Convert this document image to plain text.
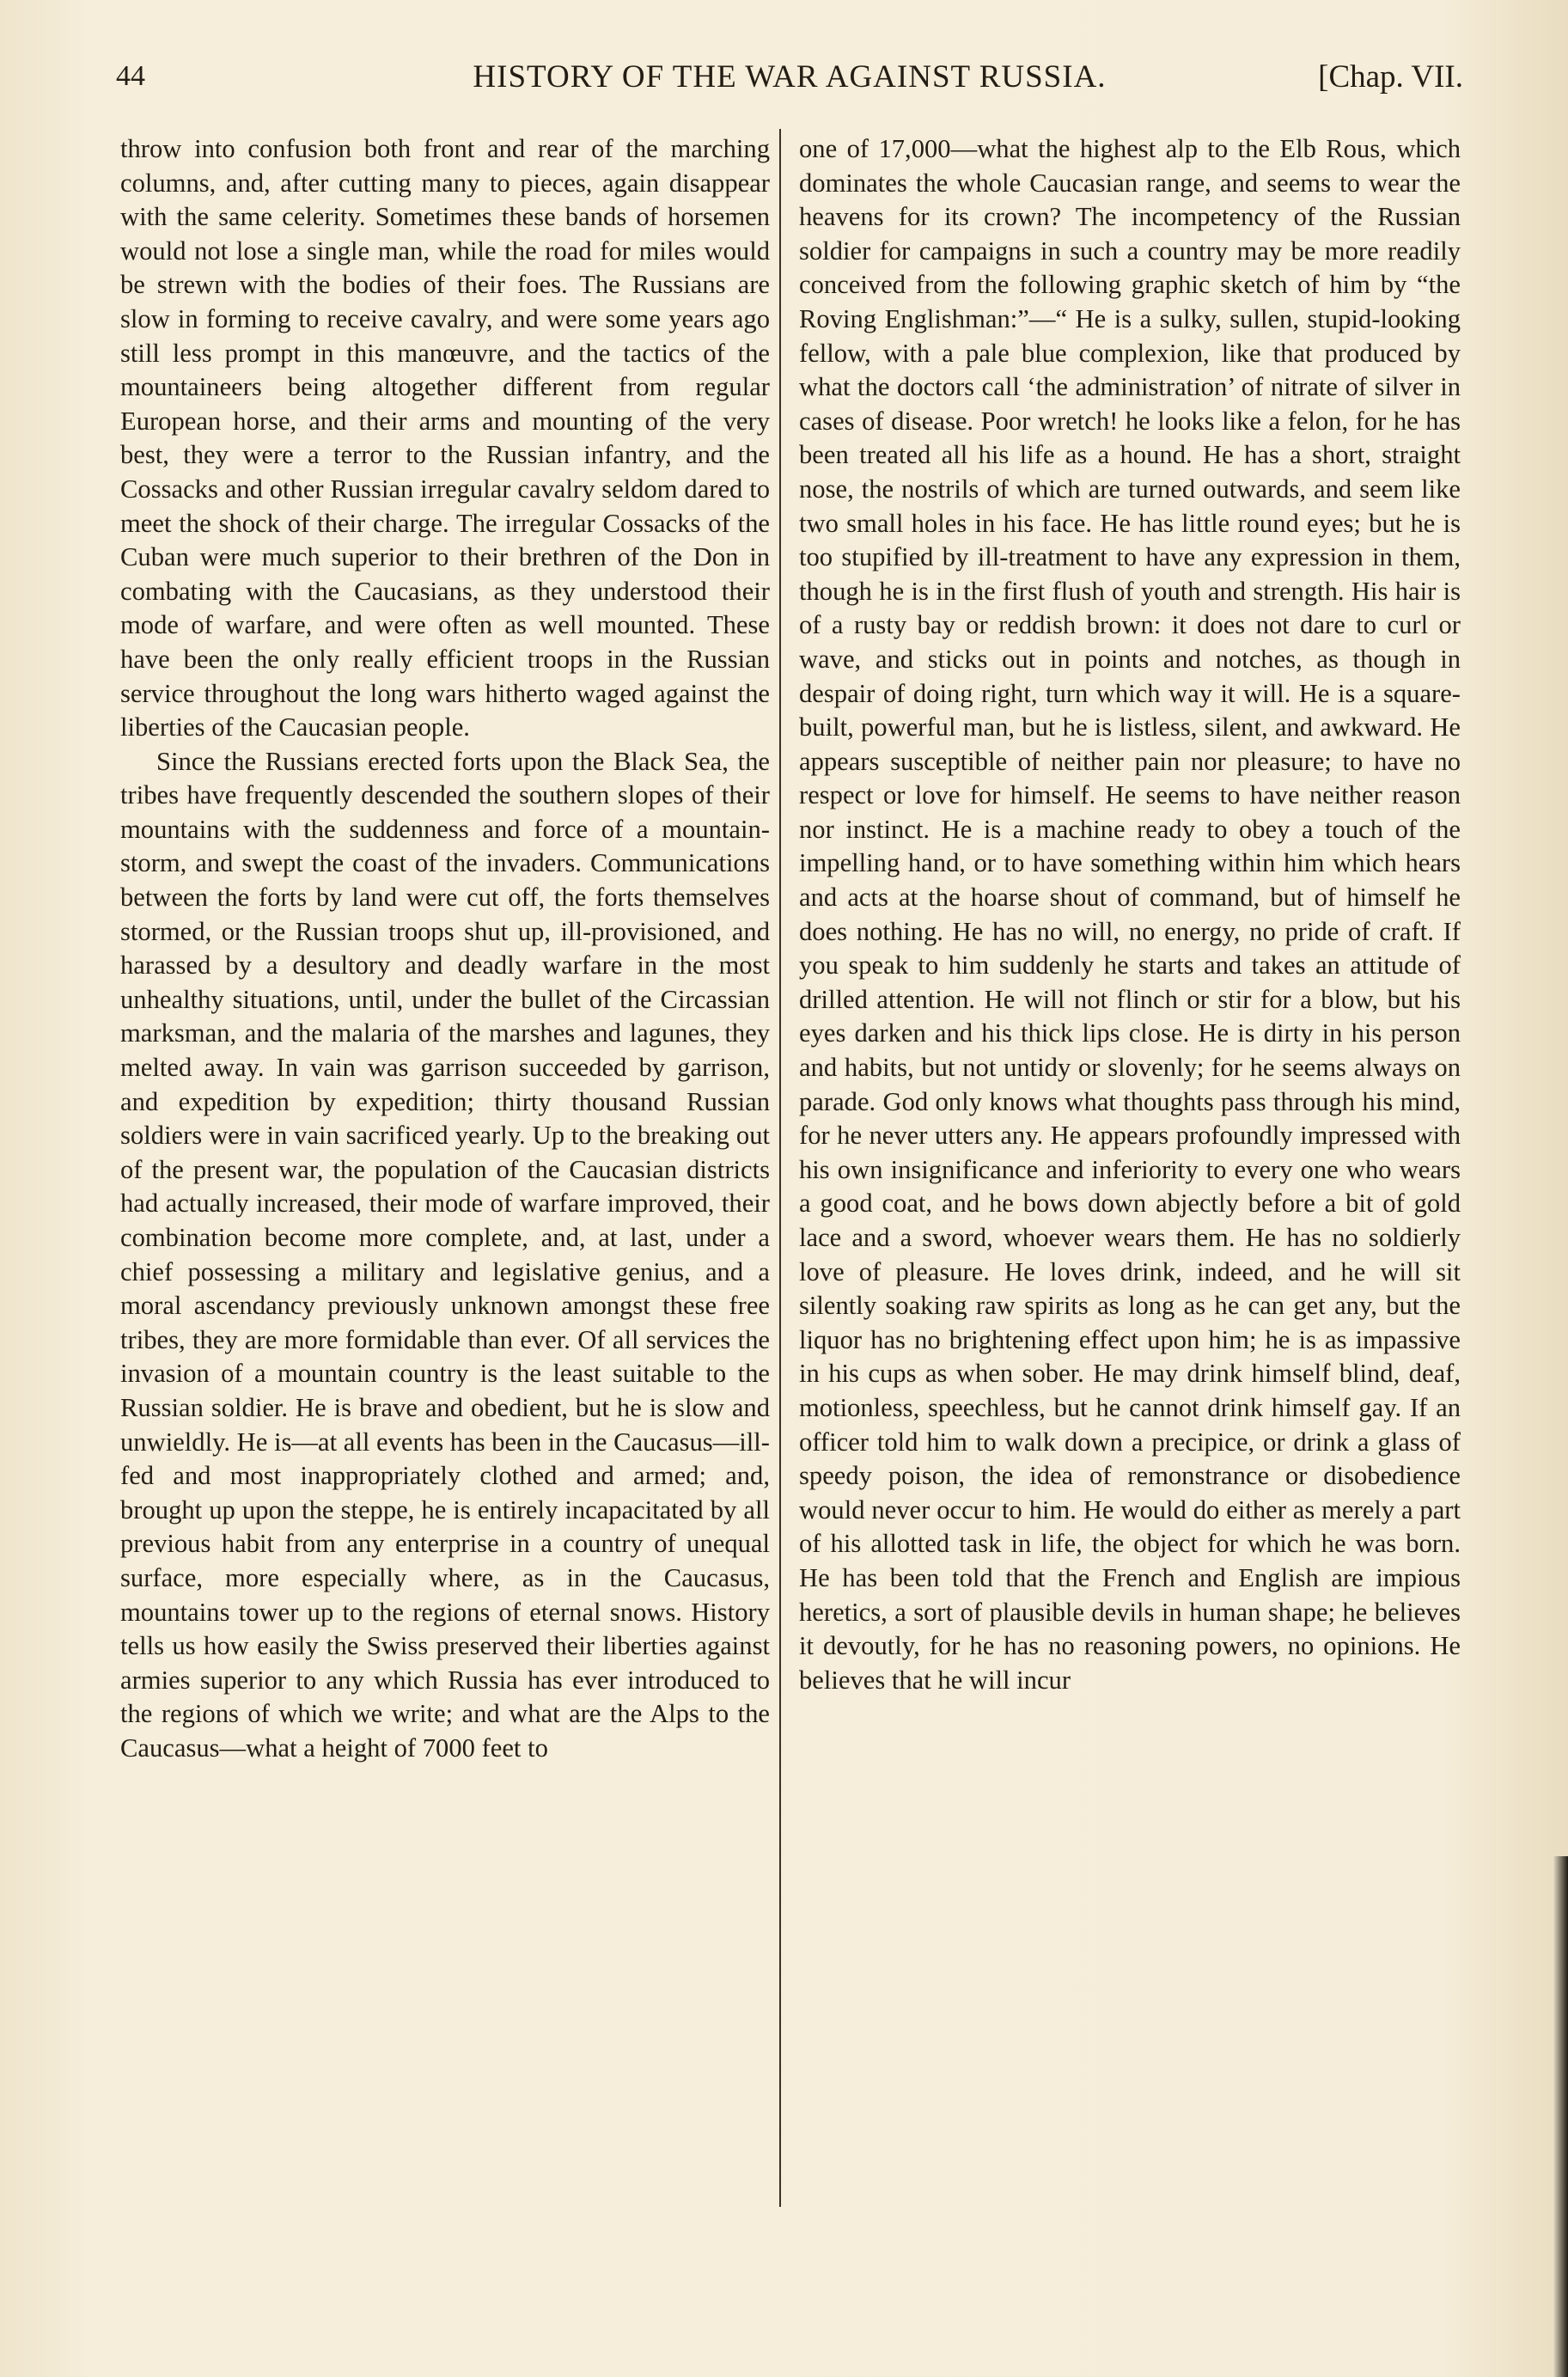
44	HISTORY OF THE WAR AGAINST RUSSIA.	[Chap. VII.

throw into confusion both front and rear of the marching columns, and, after cutting many to pieces, again disappear with the same celerity. Sometimes these bands of horsemen would not lose a single man, while the road for miles would be strewn with the bodies of their foes. The Russians are slow in forming to receive cavalry, and were some years ago still less prompt in this manœuvre, and the tactics of the mountaineers being altogether different from regular European horse, and their arms and mounting of the very best, they were a terror to the Russian infantry, and the Cossacks and other Russian irregular cavalry seldom dared to meet the shock of their charge. The irregular Cossacks of the Cuban were much superior to their brethren of the Don in combating with the Caucasians, as they understood their mode of warfare, and were often as well mounted. These have been the only really efficient troops in the Russian service throughout the long wars hitherto waged against the liberties of the Caucasian people.

Since the Russians erected forts upon the Black Sea, the tribes have frequently descended the southern slopes of their mountains with the suddenness and force of a mountain-storm, and swept the coast of the invaders. Communications between the forts by land were cut off, the forts themselves stormed, or the Russian troops shut up, ill-provisioned, and harassed by a desultory and deadly warfare in the most unhealthy situations, until, under the bullet of the Circassian marksman, and the malaria of the marshes and lagunes, they melted away. In vain was garrison succeeded by garrison, and expedition by expedition; thirty thousand Russian soldiers were in vain sacrificed yearly. Up to the breaking out of the present war, the population of the Caucasian districts had actually increased, their mode of warfare improved, their combination become more complete, and, at last, under a chief possessing a military and legislative genius, and a moral ascendancy previously unknown amongst these free tribes, they are more formidable than ever. Of all services the invasion of a mountain country is the least suitable to the Russian soldier. He is brave and obedient, but he is slow and unwieldly. He is—at all events has been in the Caucasus—ill-fed and most inappropriately clothed and armed; and, brought up upon the steppe, he is entirely incapacitated by all previous habit from any enterprise in a country of unequal surface, more especially where, as in the Caucasus, mountains tower up to the regions of eternal snows. History tells us how easily the Swiss preserved their liberties against armies superior to any which Russia has ever introduced to the regions of which we write; and what are the Alps to the Caucasus—what a height of 7000 feet to

one of 17,000—what the highest alp to the Elb Rous, which dominates the whole Caucasian range, and seems to wear the heavens for its crown? The incompetency of the Russian soldier for campaigns in such a country may be more readily conceived from the following graphic sketch of him by “the Roving Englishman:”—“ He is a sulky, sullen, stupid-looking fellow, with a pale blue complexion, like that produced by what the doctors call ‘the administration’ of nitrate of silver in cases of disease. Poor wretch! he looks like a felon, for he has been treated all his life as a hound. He has a short, straight nose, the nostrils of which are turned outwards, and seem like two small holes in his face. He has little round eyes; but he is too stupified by ill-treatment to have any expression in them, though he is in the first flush of youth and strength. His hair is of a rusty bay or reddish brown: it does not dare to curl or wave, and sticks out in points and notches, as though in despair of doing right, turn which way it will. He is a square-built, powerful man, but he is listless, silent, and awkward. He appears susceptible of neither pain nor pleasure; to have no respect or love for himself. He seems to have neither reason nor instinct. He is a machine ready to obey a touch of the impelling hand, or to have something within him which hears and acts at the hoarse shout of command, but of himself he does nothing. He has no will, no energy, no pride of craft. If you speak to him suddenly he starts and takes an attitude of drilled attention. He will not flinch or stir for a blow, but his eyes darken and his thick lips close. He is dirty in his person and habits, but not untidy or slovenly; for he seems always on parade. God only knows what thoughts pass through his mind, for he never utters any. He appears profoundly impressed with his own insignificance and inferiority to every one who wears a good coat, and he bows down abjectly before a bit of gold lace and a sword, whoever wears them. He has no soldierly love of pleasure. He loves drink, indeed, and he will sit silently soaking raw spirits as long as he can get any, but the liquor has no brightening effect upon him; he is as impassive in his cups as when sober. He may drink himself blind, deaf, motionless, speechless, but he cannot drink himself gay. If an officer told him to walk down a precipice, or drink a glass of speedy poison, the idea of remonstrance or disobedience would never occur to him. He would do either as merely a part of his allotted task in life, the object for which he was born. He has been told that the French and English are impious heretics, a sort of plausible devils in human shape; he believes it devoutly, for he has no reasoning powers, no opinions. He believes that he will incur
